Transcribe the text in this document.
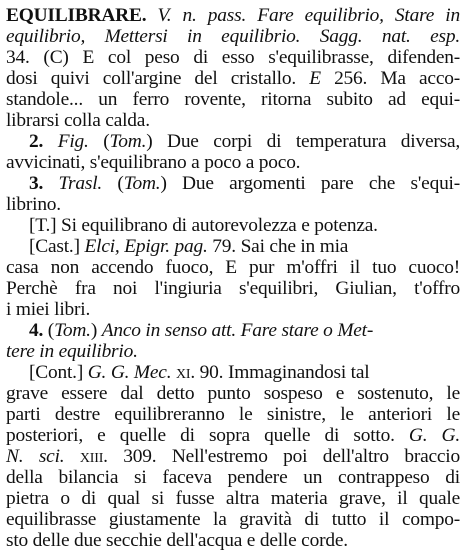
EQUILIBRARE. V. n. pass. Fare equilibrio, Stare in
equilibrio, Mettersi in equilibrio. Sagg. nat. esp.
34. (C) E col peso di esso s'equilibrasse, difenden-
dosi quivi coll'argine del cristallo. E 256. Ma acco-
standole... un ferro rovente, ritorna subito ad equi-
librarsi colla calda.
2. Fig. (Tom.) Due corpi di temperatura diversa,
avvicinati, s'equilibrano a poco a poco.
3. Trasl. (Tom.) Due argomenti pare che s'equi-
librino.
[T.] Si equilibrano di autorevolezza e potenza.
[Cast.] Elci, Epigr. pag. 79. Sai che in mia
casa non accendo fuoco, E pur m'offri il tuo cuoco!
Perchè fra noi l'ingiuria s'equilibri, Giulian, t'offro
i miei libri.
4. (Tom.) Anco in senso att. Fare stare o Met-
tere in equilibrio.
[Cont.] G. G. Mec. xi. 90. Immaginandosi tal
grave essere dal detto punto sospeso e sostenuto, le
parti destre equilibreranno le sinistre, le anteriori le
posteriori, e quelle di sopra quelle di sotto. G. G.
N. sci. xiii. 309. Nell'estremo poi dell'altro braccio
della bilancia si faceva pendere un contrappeso di
pietra o di qual si fusse altra materia grave, il quale
equilibrasse giustamente la gravità di tutto il compo-
sto delle due secchie dell'acqua e delle corde.
